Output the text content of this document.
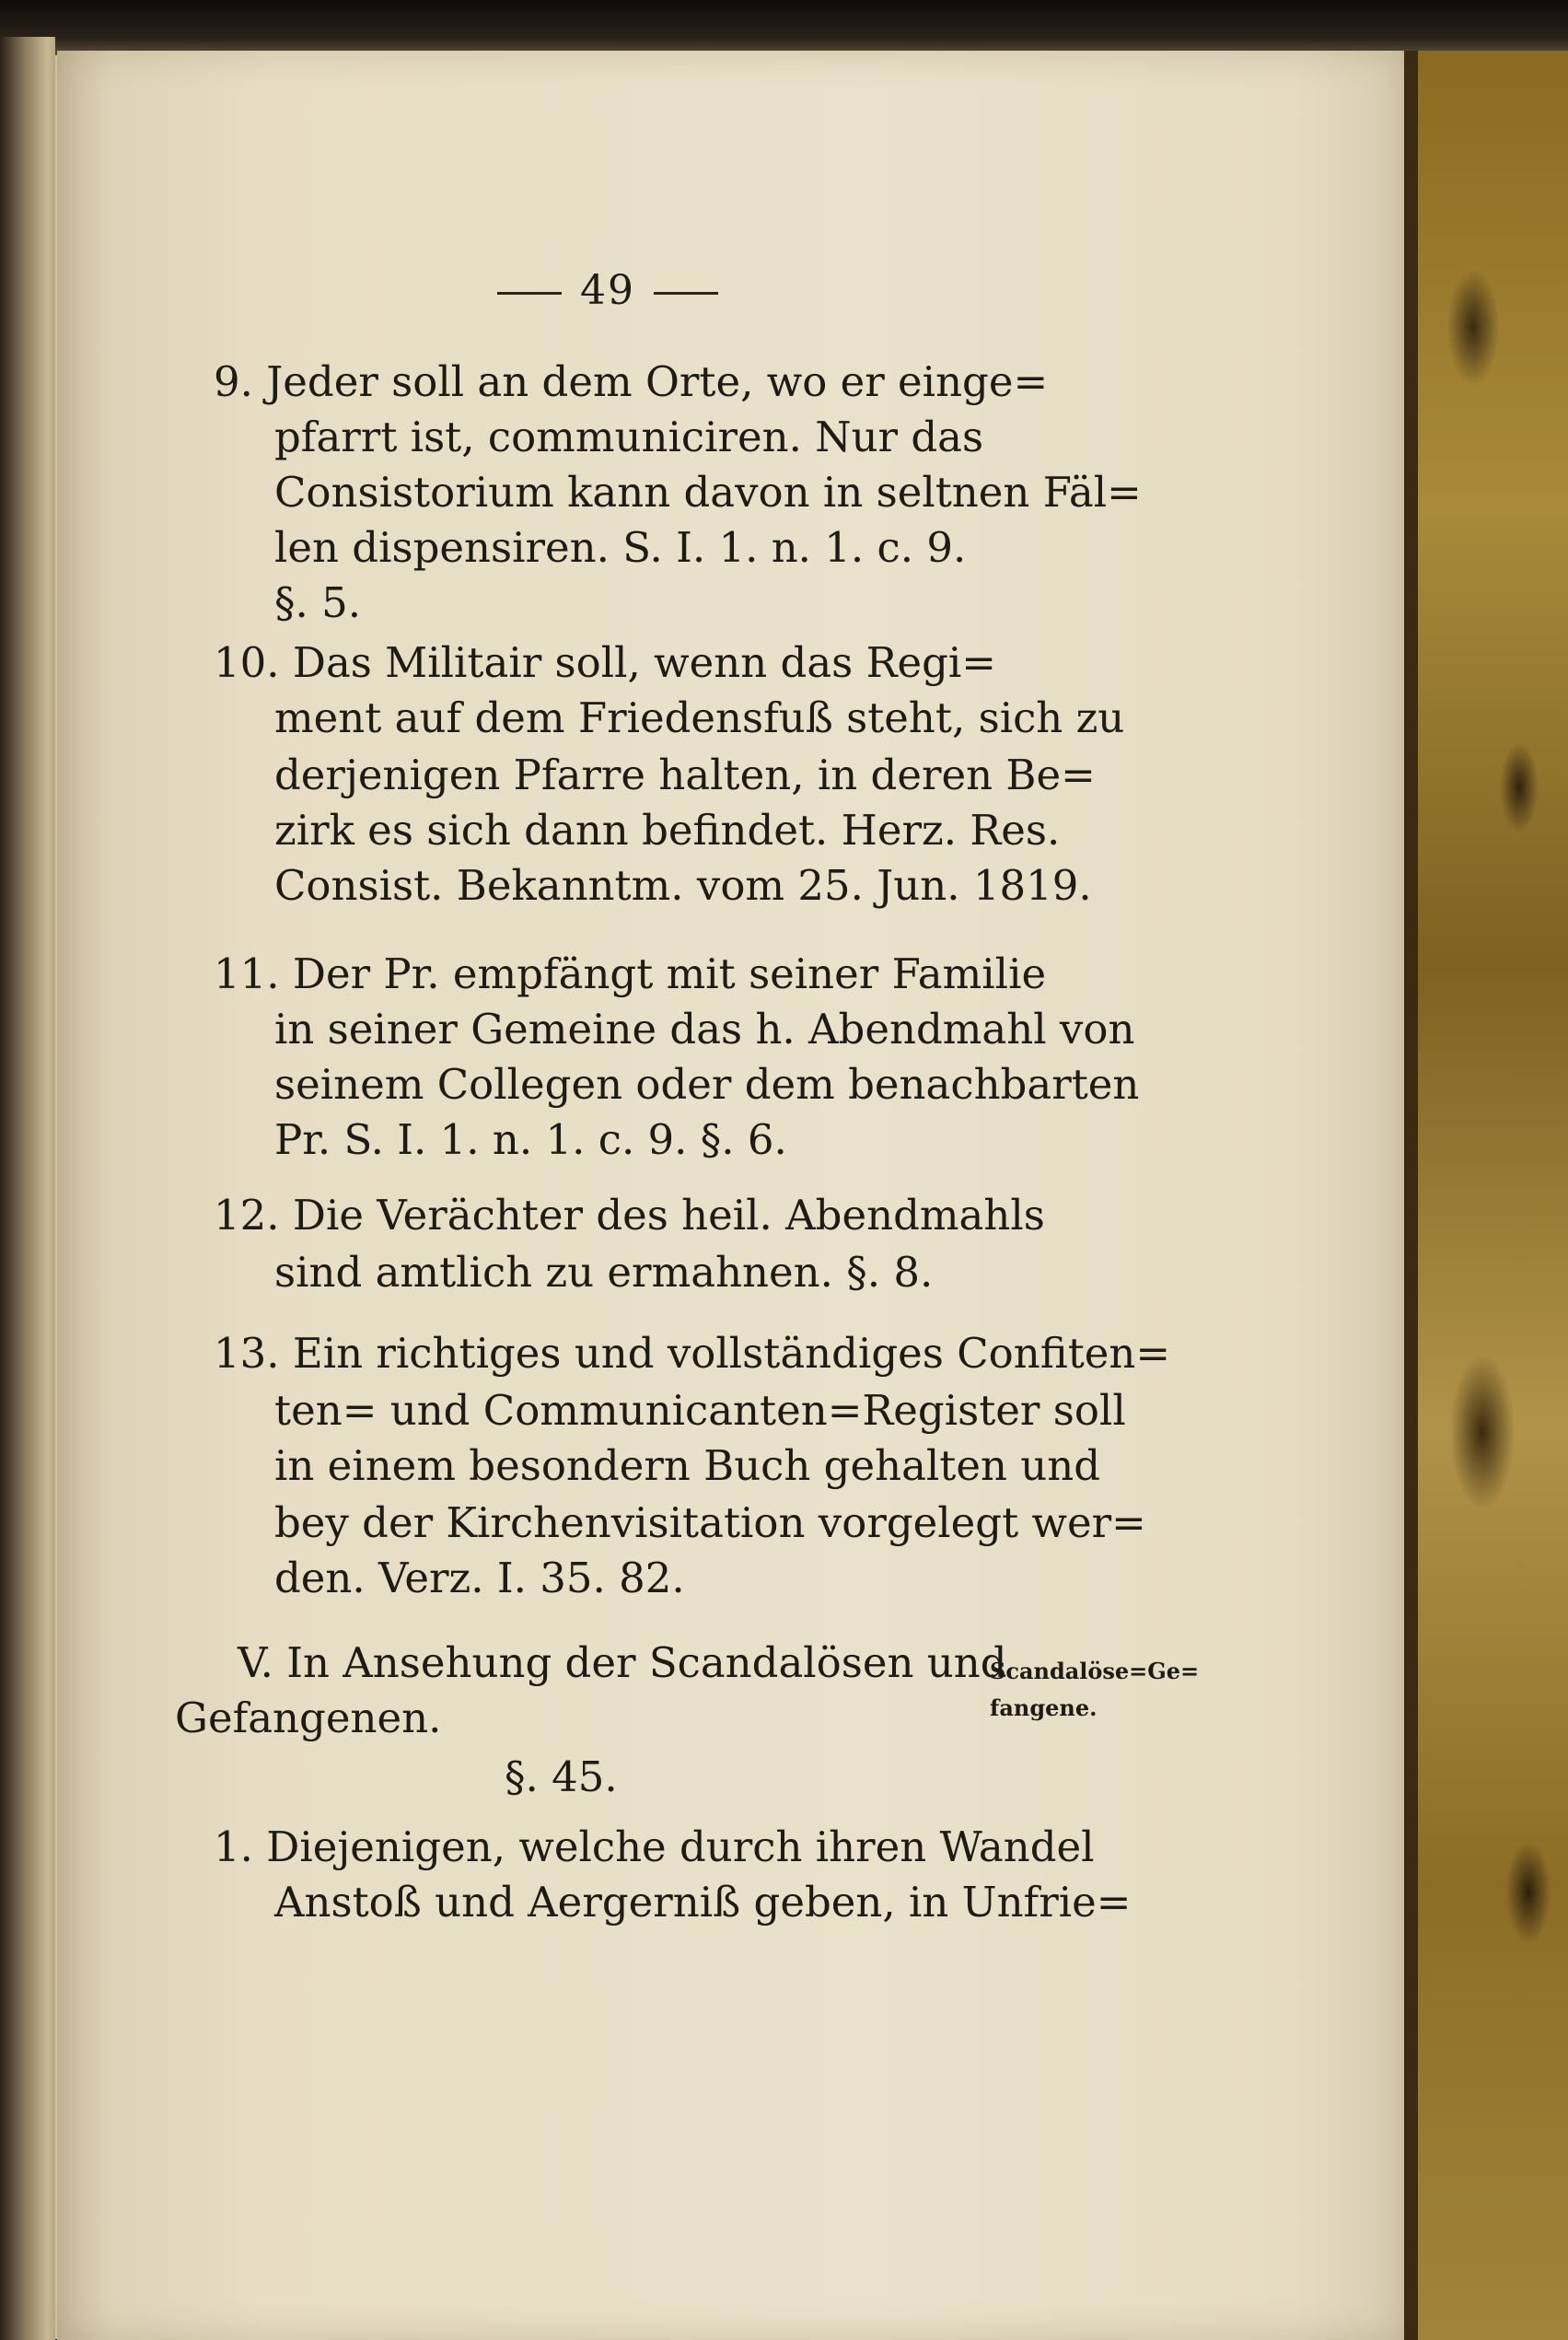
49
9. Jeder soll an dem Orte, wo er einge=
pfarrt ist, communiciren. Nur das
Consistorium kann davon in seltnen Fäl=
len dispensiren. S. I. 1. n. 1. c. 9.
§. 5.
10. Das Militair soll, wenn das Regi=
ment auf dem Friedensfuß steht, sich zu
derjenigen Pfarre halten, in deren Be=
zirk es sich dann befindet. Herz. Res.
Consist. Bekanntm. vom 25. Jun. 1819.
11. Der Pr. empfängt mit seiner Familie
in seiner Gemeine das h. Abendmahl von
seinem Collegen oder dem benachbarten
Pr. S. I. 1. n. 1. c. 9. §. 6.
12. Die Verächter des heil. Abendmahls
sind amtlich zu ermahnen. §. 8.
13. Ein richtiges und vollständiges Confiten=
ten= und Communicanten=Register soll
in einem besondern Buch gehalten und
bey der Kirchenvisitation vorgelegt wer=
den. Verz. I. 35. 82.
V. In Ansehung der Scandalösen und
Gefangenen.
Scandalöse=Ge=
fangene.
§. 45.
1. Diejenigen, welche durch ihren Wandel
Anstoß und Aergerniß geben, in Unfrie=
